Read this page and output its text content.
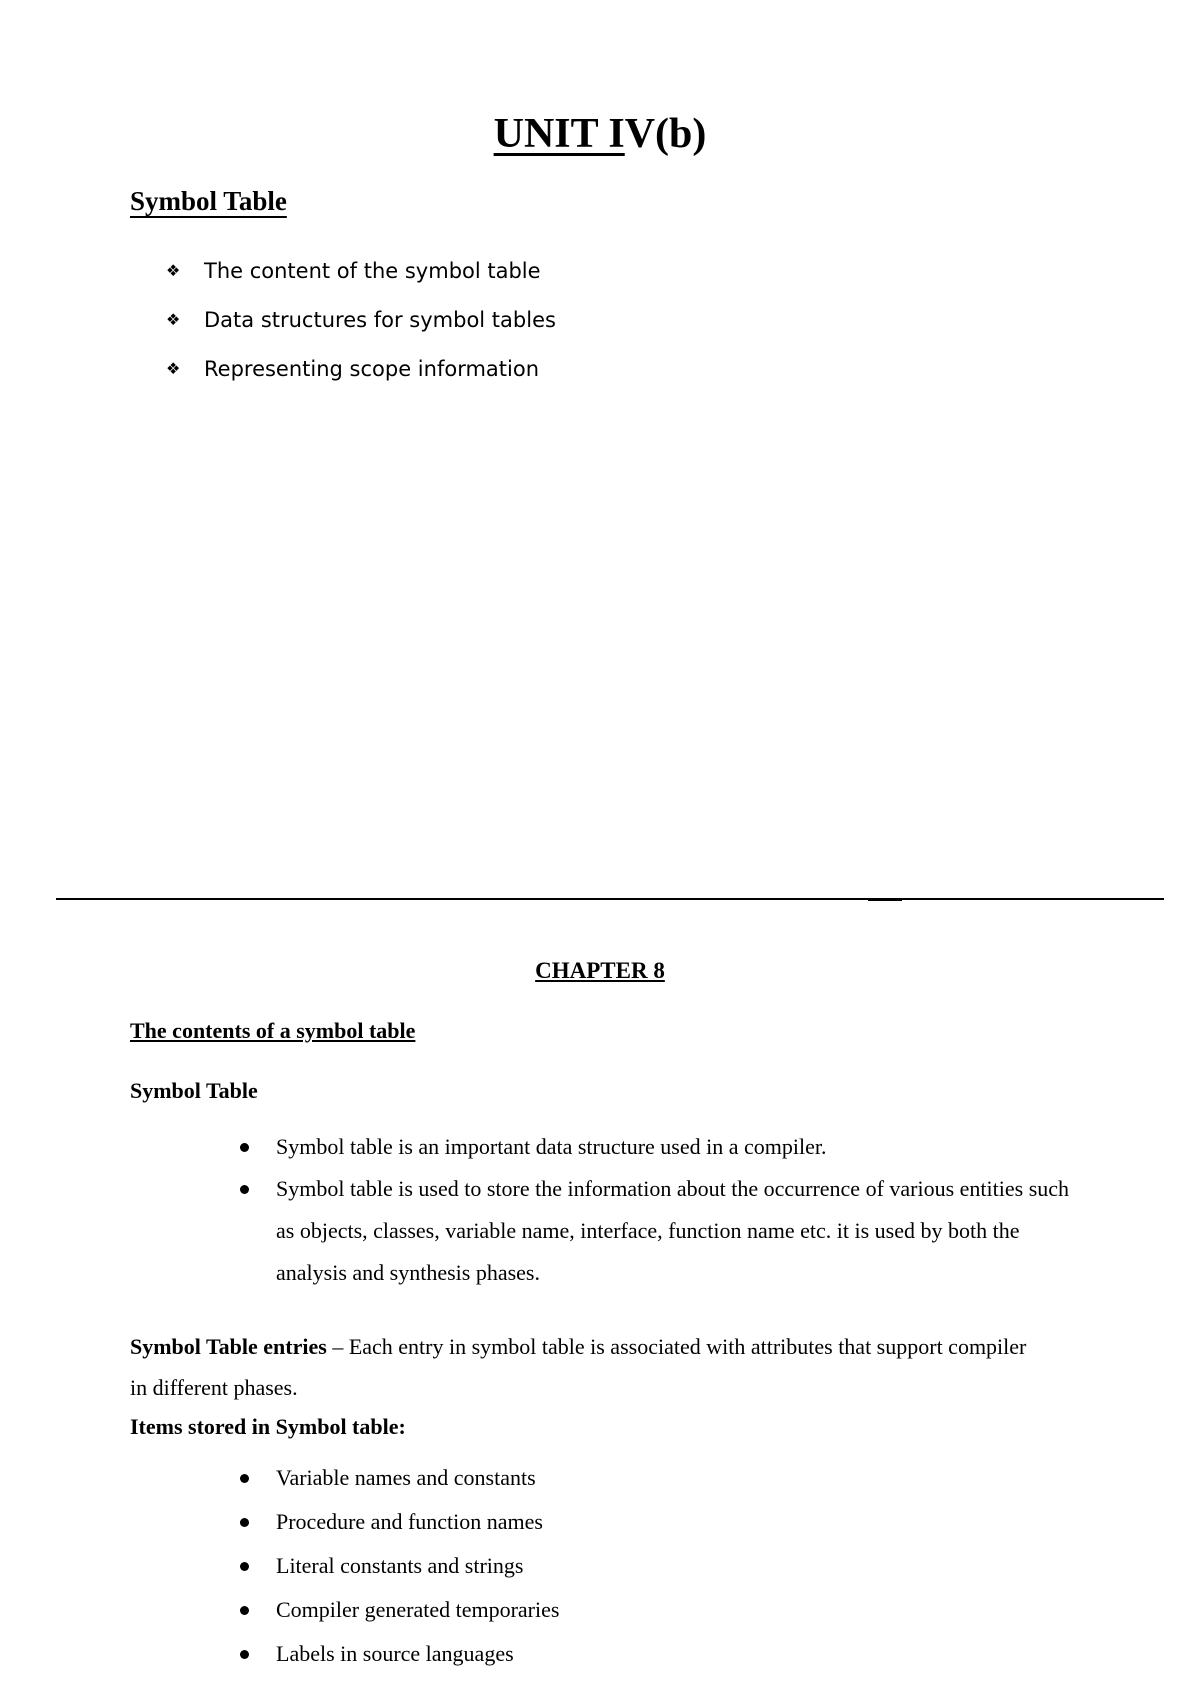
UNIT IV(b)
Symbol Table
❖	The content of the symbol table
❖	Data structures for symbol tables
❖	Representing scope information
CHAPTER 8
The contents of a symbol table
Symbol Table
Symbol table is an important data structure used in a compiler.
Symbol table is used to store the information about the occurrence of various entities such as objects, classes, variable name, interface, function name etc. it is used by both the analysis and synthesis phases.
Symbol Table entries – Each entry in symbol table is associated with attributes that support compiler in different phases.
Items stored in Symbol table:
Variable names and constants
Procedure and function names
Literal constants and strings
Compiler generated temporaries
Labels in source languages
